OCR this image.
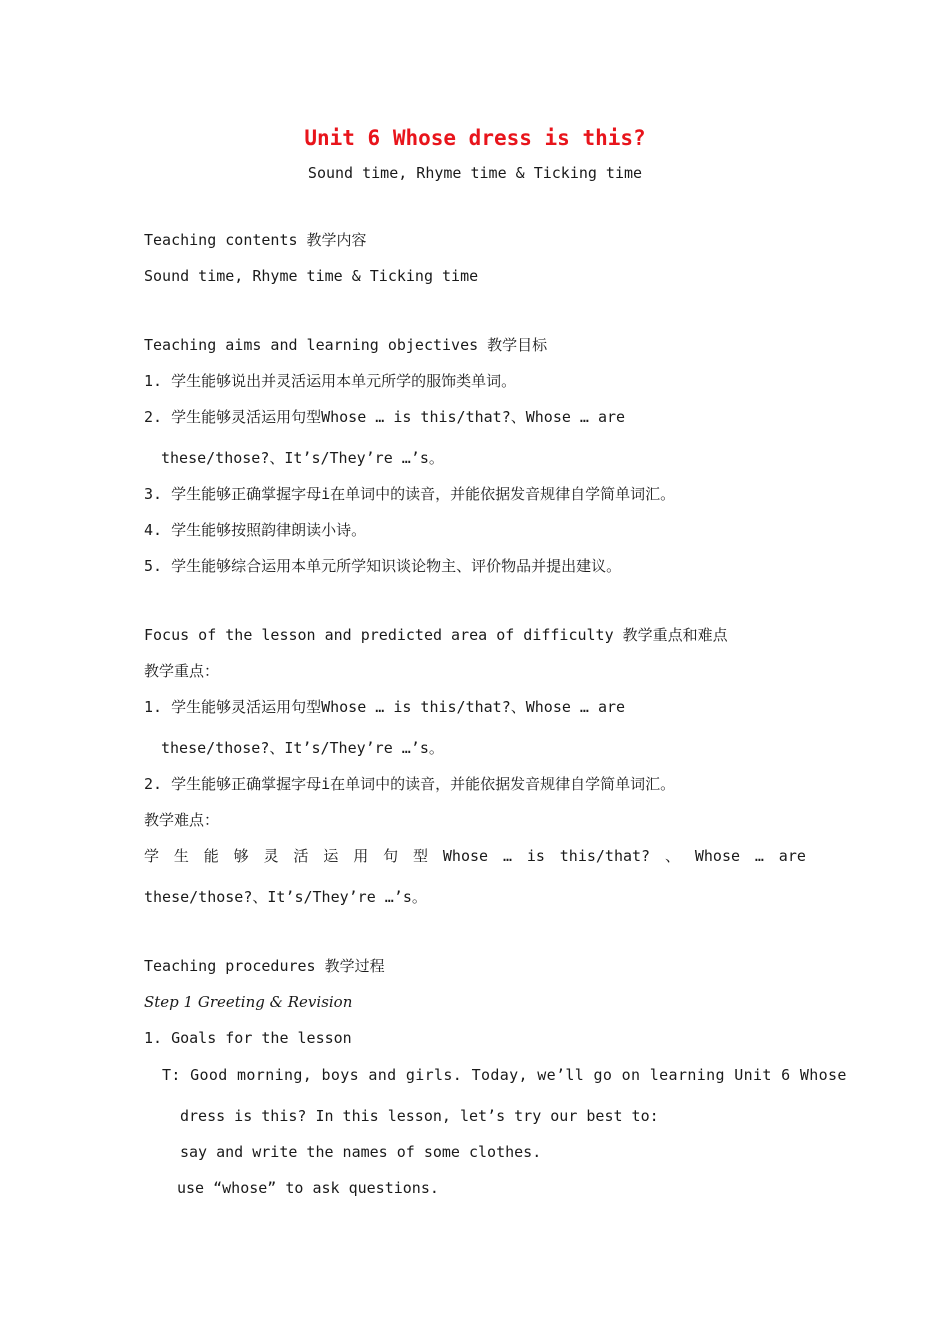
Unit 6 Whose dress is this?
Sound time, Rhyme time & Ticking time
Teaching contents 教学内容
Sound time, Rhyme time & Ticking time
Teaching aims and learning objectives 教学目标
1. 学生能够说出并灵活运用本单元所学的服饰类单词。
2. 学生能够灵活运用句型Whose … is this/that?、Whose … are
these/those?、It’s/They’re …’s。
3. 学生能够正确掌握字母i在单词中的读音，并能依据发音规律自学简单词汇。
4. 学生能够按照韵律朗读小诗。
5. 学生能够综合运用本单元所学知识谈论物主、评价物品并提出建议。
Focus of the lesson and predicted area of difficulty 教学重点和难点
教学重点：
1. 学生能够灵活运用句型Whose … is this/that?、Whose … are
these/those?、It’s/They’re …’s。
2. 学生能够正确掌握字母i在单词中的读音，并能依据发音规律自学简单词汇。
教学难点：
学 生 能 够 灵 活 运 用 句 型 Whose … is this/that? 、 Whose … are
these/those?、It’s/They’re …’s。
Teaching procedures 教学过程
Step 1 Greeting & Revision
1. Goals for the lesson
T: Good morning, boys and girls. Today, we’ll go on learning Unit 6 Whose
dress is this? In this lesson, let’s try our best to:
say and write the names of some clothes.
use “whose” to ask questions.
